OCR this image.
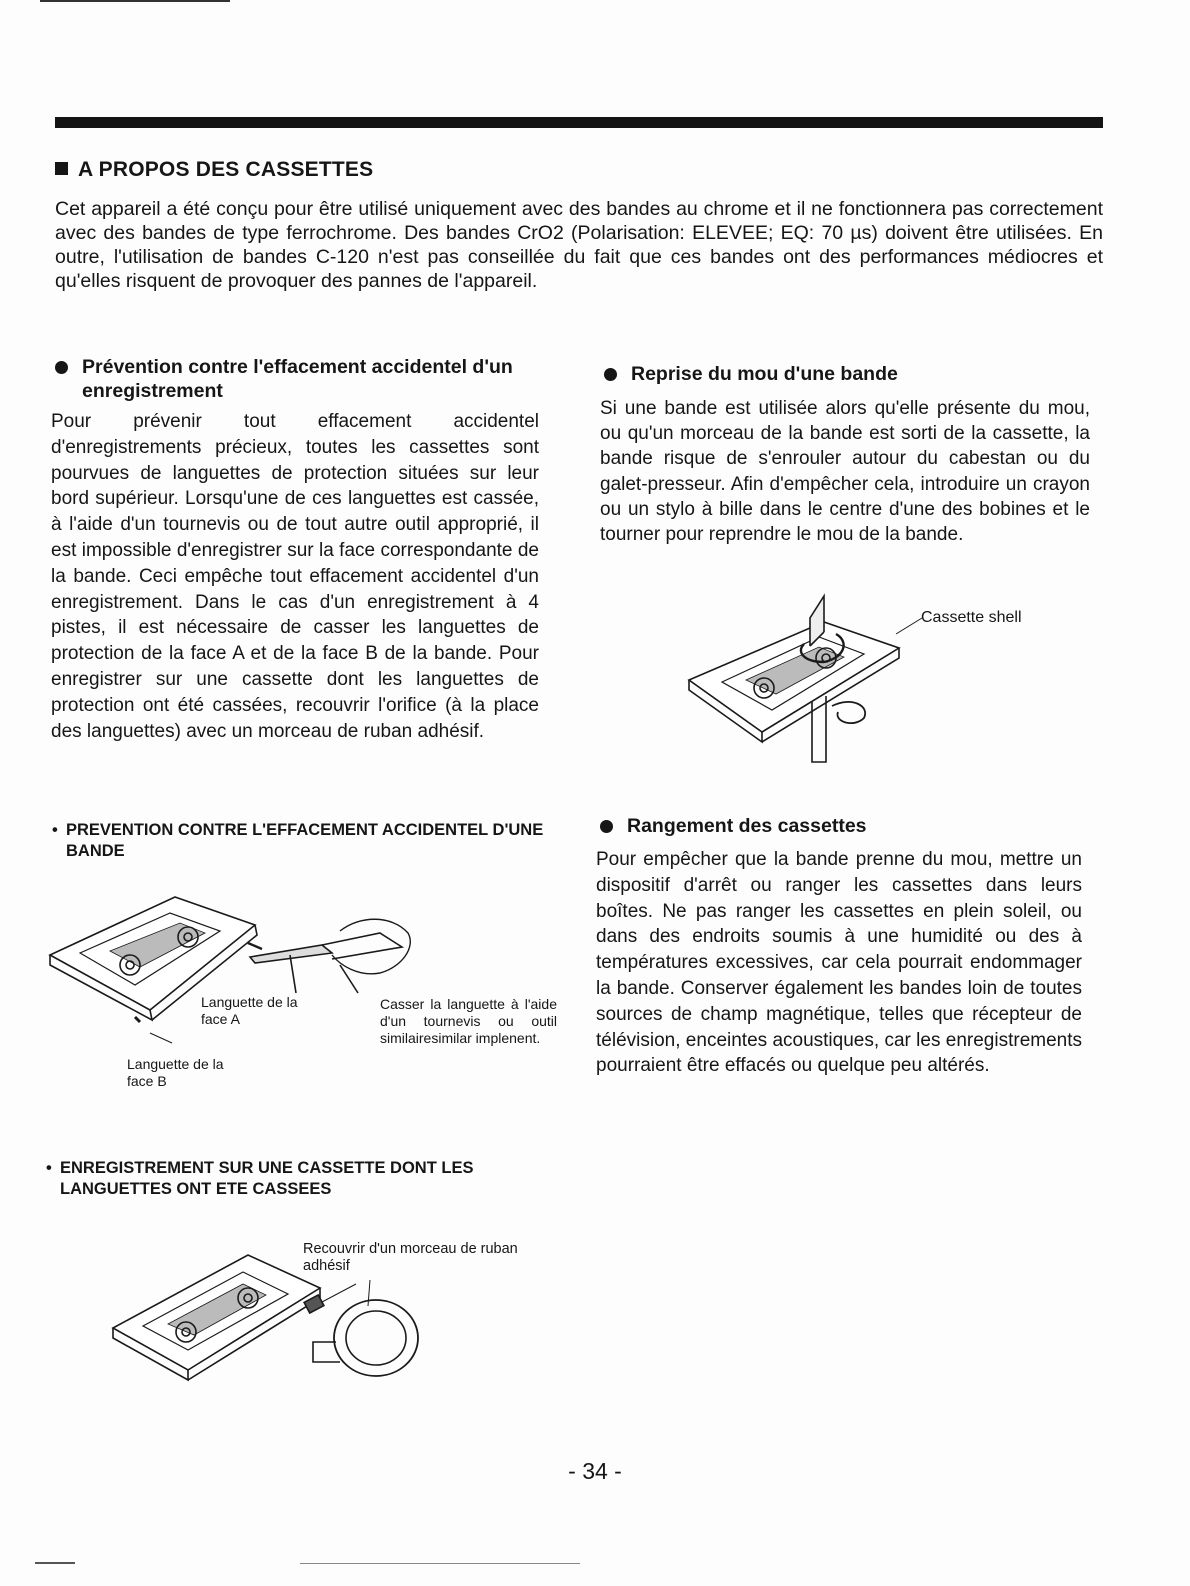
A PROPOS DES CASSETTES
Cet appareil a été conçu pour être utilisé uniquement avec des bandes au chrome et il ne fonctionnera pas correctement avec des bandes de type ferrochrome. Des bandes CrO2 (Polarisation: ELEVEE; EQ: 70 µs) doivent être utilisées. En outre, l'utilisation de bandes C-120 n'est pas conseillée du fait que ces bandes ont des performances médiocres et qu'elles risquent de provoquer des pannes de l'appareil.
Prévention contre l'effacement accidentel d'un enregistrement
Pour prévenir tout effacement accidentel d'enregistrements précieux, toutes les cassettes sont pourvues de languettes de protection situées sur leur bord supérieur. Lorsqu'une de ces languettes est cassée, à l'aide d'un tournevis ou de tout autre outil approprié, il est impossible d'enregistrer sur la face correspondante de la bande. Ceci empêche tout effacement accidentel d'un enregistrement. Dans le cas d'un enregistrement à 4 pistes, il est nécessaire de casser les languettes de protection de la face A et de la face B de la bande. Pour enregistrer sur une cassette dont les languettes de protection ont été cassées, recouvrir l'orifice (à la place des languettes) avec un morceau de ruban adhésif.
• PREVENTION CONTRE L'EFFACEMENT ACCIDENTEL D'UNE BANDE
Languette de la face A
Casser la languette à l'aide d'un tournevis ou outil similairesimilar implenent.
Languette de la face B
• ENREGISTREMENT SUR UNE CASSETTE DONT LES LANGUETTES ONT ETE CASSEES
Recouvrir d'un morceau de ruban adhésif
Reprise du mou d'une bande
Si une bande est utilisée alors qu'elle présente du mou, ou qu'un morceau de la bande est sorti de la cassette, la bande risque de s'enrouler autour du cabestan ou du galet-presseur. Afin d'empêcher cela, introduire un crayon ou un stylo à bille dans le centre d'une des bobines et le tourner pour reprendre le mou de la bande.
Cassette shell
Rangement des cassettes
Pour empêcher que la bande prenne du mou, mettre un dispositif d'arrêt ou ranger les cassettes dans leurs boîtes. Ne pas ranger les cassettes en plein soleil, ou dans des endroits soumis à une humidité ou des à températures excessives, car cela pourrait endommager la bande. Conserver également les bandes loin de toutes sources de champ magnétique, telles que récepteur de télévision, enceintes acoustiques, car les enregistrements pourraient être effacés ou quelque peu altérés.
- 34 -
